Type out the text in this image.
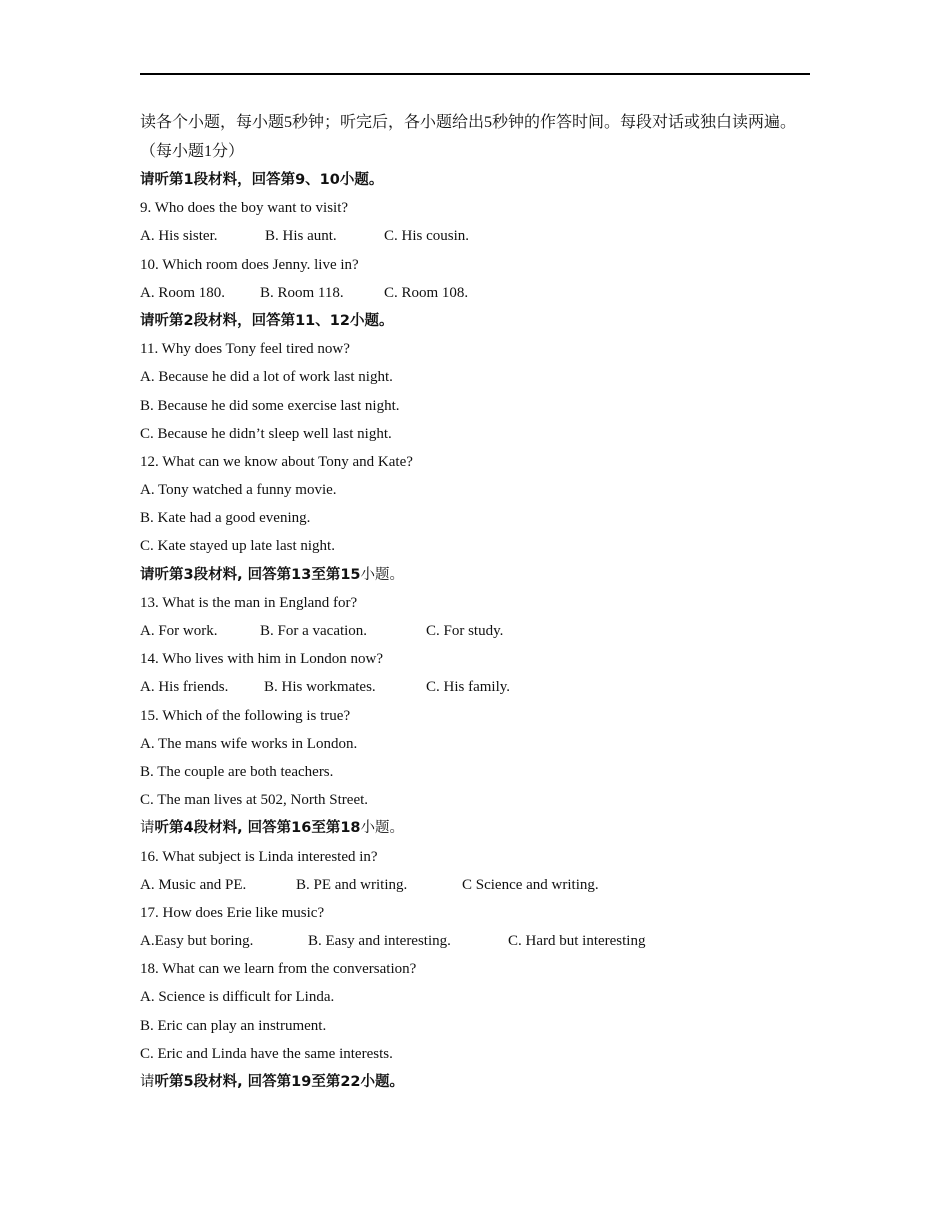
读各个小题，每小题5秒钟；听完后，各小题给出5秒钟的作答时间。每段对话或独白读两遍。（每小题1分）
请听第1段材料，回答第9、10小题。
9. Who does the boy want to visit?
A. His sister.	B. His aunt.	C. His cousin.
10. Which room does Jenny. live in?
A. Room 180. B. Room 118.	C. Room 108.
请听第2段材料，回答第11、12小题。
11. Why does Tony feel tired now?
A. Because he did a lot of work last night.
B. Because he did some exercise last night.
C. Because he didn’t sleep well last night.
12. What can we know about Tony and Kate?
A. Tony watched a funny movie.
B. Kate had a good evening.
C. Kate stayed up late last night.
请听第3段材料, 回答第13至第15小题。
13. What is the man in England for?
A. For work.	B. For a vacation.	C. For study.
14. Who lives with him in London now?
A. His friends. B. His workmates.	C. His family.
15. Which of the following is true?
A. The mans wife works in London.
B. The couple are both teachers.
C. The man lives at 502, North Street.
请听第4段材料, 回答第16至第18小题。
16. What subject is Linda interested in?
A. Music and PE.	B. PE and writing.	C Science and writing.
17. How does Erie like music?
A.Easy but boring.	B. Easy and interesting.	C. Hard but interesting
18. What can we learn from the conversation?
A. Science is difficult for Linda.
B. Eric can play an instrument.
C. Eric and Linda have the same interests.
请听第5段材料, 回答第19至第22小题。
